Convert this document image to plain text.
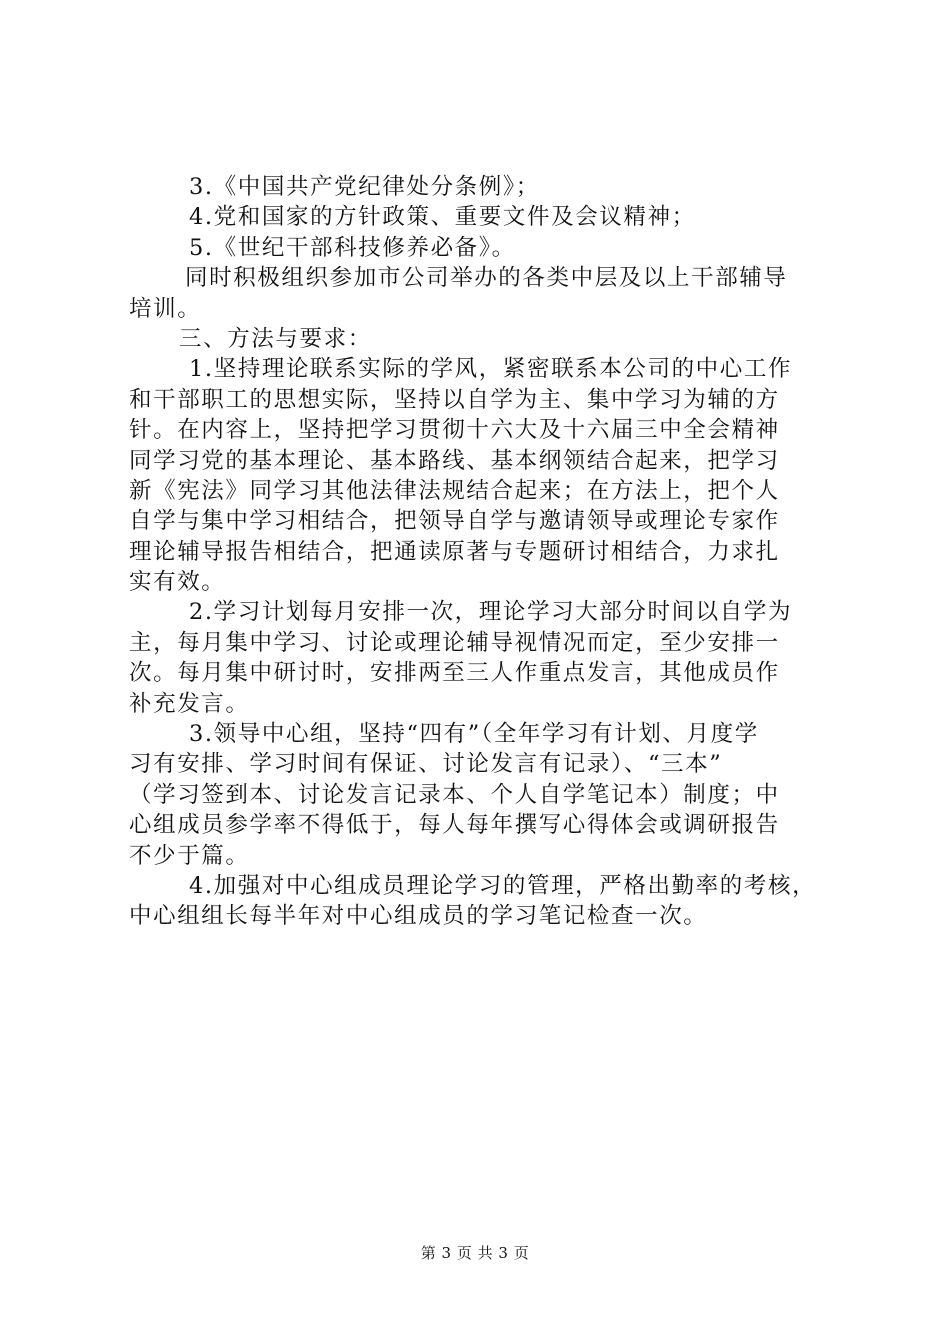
3.《中国共产党纪律处分条例》；
4.党和国家的方针政策、重要文件及会议精神；
5.《世纪干部科技修养必备》。
同时积极组织参加市公司举办的各类中层及以上干部辅导
培训。
三、方法与要求：
1.坚持理论联系实际的学风，紧密联系本公司的中心工作
和干部职工的思想实际，坚持以自学为主、集中学习为辅的方
针。在内容上，坚持把学习贯彻十六大及十六届三中全会精神
同学习党的基本理论、基本路线、基本纲领结合起来，把学习
新《宪法》同学习其他法律法规结合起来；在方法上，把个人
自学与集中学习相结合，把领导自学与邀请领导或理论专家作
理论辅导报告相结合，把通读原著与专题研讨相结合，力求扎
实有效。
2.学习计划每月安排一次，理论学习大部分时间以自学为
主，每月集中学习、讨论或理论辅导视情况而定，至少安排一
次。每月集中研讨时，安排两至三人作重点发言，其他成员作
补充发言。
3.领导中心组，坚持“四有”（全年学习有计划、月度学
习有安排、学习时间有保证、讨论发言有记录）、“三本”
（学习签到本、讨论发言记录本、个人自学笔记本）制度；中
心组成员参学率不得低于，每人每年撰写心得体会或调研报告
不少于篇。
4.加强对中心组成员理论学习的管理，严格出勤率的考核，
中心组组长每半年对中心组成员的学习笔记检查一次。
第 3 页 共 3 页
